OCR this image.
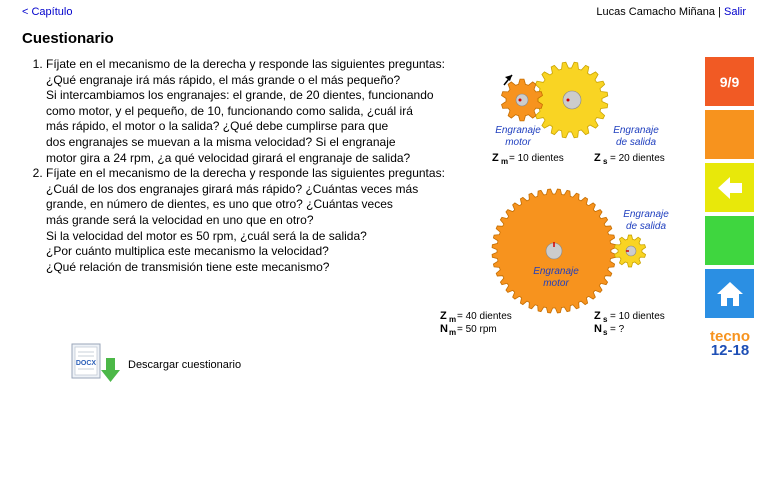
< Capítulo	Lucas Camacho Miñana | Salir
Cuestionario
1. Fíjate en el mecanismo de la derecha y responde las siguientes preguntas:
¿Qué engranaje irá más rápido, el más grande o el más pequeño?
Si intercambiamos los engranajes: el grande, de 20 dientes, funcionando
como motor, y el pequeño, de 10, funcionando como salida, ¿cuál irá
más rápido, el motor o la salida? ¿Qué debe cumplirse para que
dos engranajes se muevan a la misma velocidad? Si el engranaje
motor gira a 24 rpm, ¿a qué velocidad girará el engranaje de salida?
2. Fíjate en el mecanismo de la derecha y responde las siguientes preguntas:
¿Cuál de los dos engranajes girará más rápido? ¿Cuántas veces más
grande, en número de dientes, es uno que otro? ¿Cuántas veces
más grande será la velocidad en uno que en otro?
Si la velocidad del motor es 50 rpm, ¿cuál será la de salida?
¿Por cuánto multiplica este mecanismo la velocidad?
¿Qué relación de transmisión tiene este mecanismo?
DOCX	Descargar cuestionario
Engranaje
motor
Engranaje
de salida
Z m = 10 dientes	Z s = 20 dientes
Engranaje
motor
Engranaje
de salida
Z m = 40 dientes
N m = 50 rpm
Z s = 10 dientes
N s = ?
9/9
tecno
12-18
